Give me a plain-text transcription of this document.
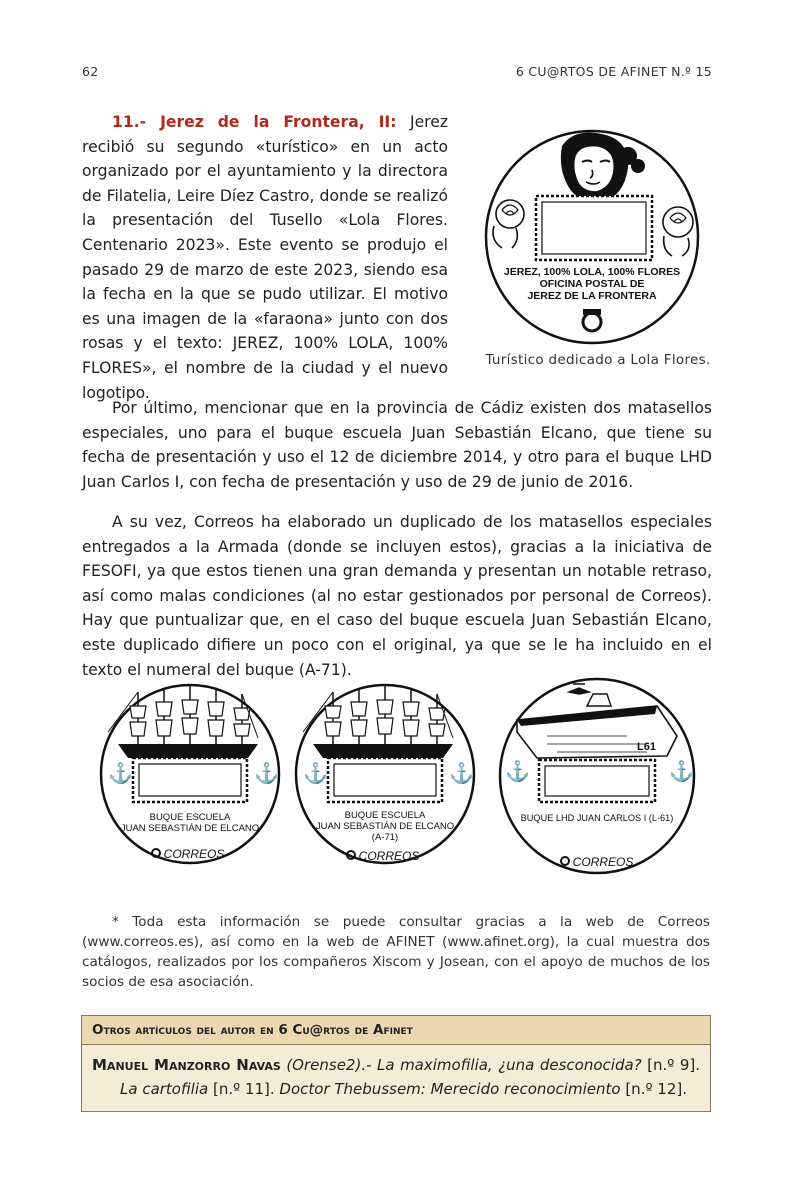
62	6 CU@RTOS DE AFINET N.º 15

11.- Jerez de la Frontera, II: Jerez recibió su segundo «turístico» en un acto organizado por el ayuntamiento y la directora de Filatelia, Leire Díez Castro, donde se realizó la presentación del Tusello «Lola Flores. Centenario 2023». Este evento se produjo el pasado 29 de marzo de este 2023, siendo esa la fecha en la que se pudo utilizar. El motivo es una imagen de la «faraona» junto con dos rosas y el texto: JEREZ, 100% LOLA, 100% FLORES», el nombre de la ciudad y el nuevo logotipo.

JEREZ, 100% LOLA, 100% FLORES
OFICINA POSTAL DE
JEREZ DE LA FRONTERA
Turístico dedicado a Lola Flores.

Por último, mencionar que en la provincia de Cádiz existen dos matasellos especiales, uno para el buque escuela Juan Sebastián Elcano, que tiene su fecha de presentación y uso el 12 de diciembre 2014, y otro para el buque LHD Juan Carlos I, con fecha de presentación y uso de 29 de junio de 2016.

A su vez, Correos ha elaborado un duplicado de los matasellos especiales entregados a la Armada (donde se incluyen estos), gracias a la iniciativa de FESOFI, ya que estos tienen una gran demanda y presentan un notable retraso, así como malas condiciones (al no estar gestionados por personal de Correos). Hay que puntualizar que, en el caso del buque escuela Juan Sebastián Elcano, este duplicado difiere un poco con el original, ya que se le ha incluido en el texto el numeral del buque (A-71).

⚓	⚓
BUQUE ESCUELA
JUAN SEBASTIÁN DE ELCANO
CORREOS
⚓	⚓
BUQUE ESCUELA
JUAN SEBASTIÁN DE ELCANO
(A-71)
CORREOS
L61
⚓	⚓
BUQUE LHD JUAN CARLOS I (L-61)
CORREOS

* Toda esta información se puede consultar gracias a la web de Correos (www.correos.es), así como en la web de AFINET (www.afinet.org), la cual muestra dos catálogos, realizados por los compañeros Xiscom y Josean, con el apoyo de muchos de los socios de esa asociación.

Otros artículos del autor en 6 Cu@rtos de Afinet
Manuel Manzorro Navas (Orense2).- La maximofilia, ¿una desconocida? [n.º 9]. La cartofilia [n.º 11]. Doctor Thebussem: Merecido reconocimiento [n.º 12].
